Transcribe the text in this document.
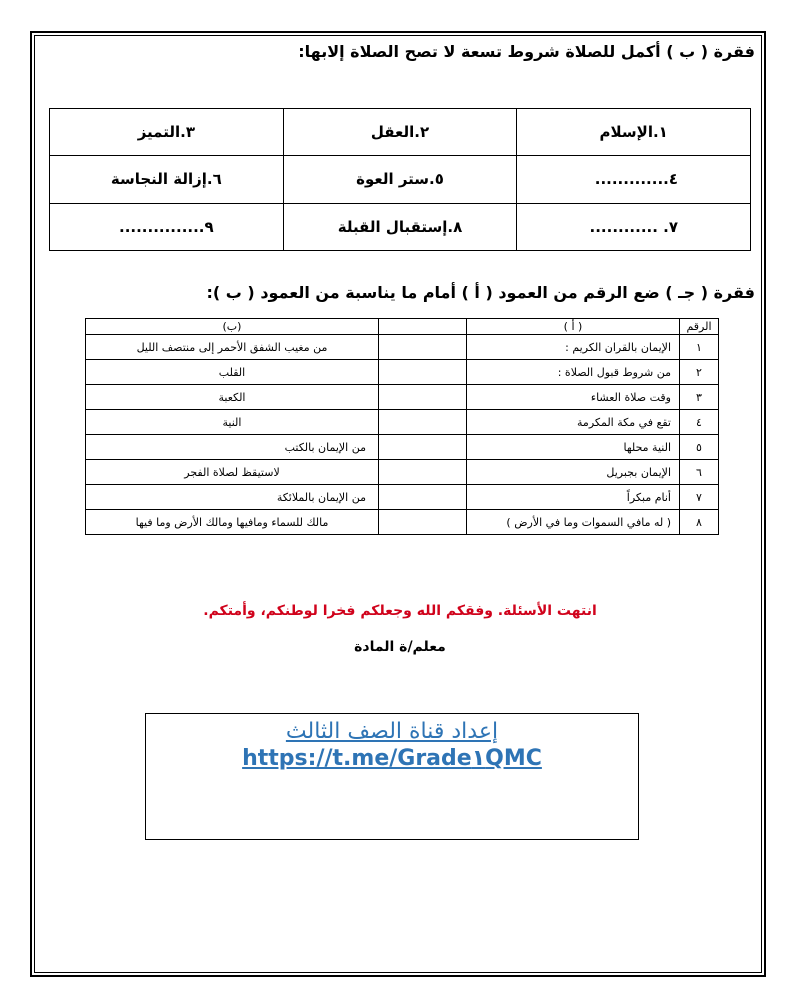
فقرة ( ب ) أكمل للصلاة شروط تسعة لا تصح الصلاة إلابها:
١.الإسلام	٢.العقل	٣.التميز
٤.............	٥.ستر العوة	٦.إزالة النجاسة
٧. ............	٨.إستقبال القبلة	٩...............
فقرة ( جـ ) ضع الرقم من العمود ( أ ) أمام ما يناسبة من العمود ( ب ):
الرقم	( أ )		(ب)
١	الإيمان بالقران الكريم :		من مغيب الشفق الأحمر إلى منتصف الليل
٢	من شروط قبول الصلاة :		القلب
٣	وقت صلاة العشاء		الكعبة
٤	تقع في مكة المكرمة		النية
٥	النية محلها		من الإيمان بالكتب
٦	الإيمان بجبريل		لاستيقظ لصلاة الفجر
٧	أنام مبكراً		من الإيمان بالملائكة
٨	( له مافي السموات وما في الأرض )		مالك للسماء ومافيها ومالك الأرض وما فيها
انتهت الأسئلة. وفقكم الله وجعلكم فخرا لوطنكم، وأمتكم.
معلم/ة المادة
إعداد قناة الصف الثالث
https://t.me/Grade١QMC
